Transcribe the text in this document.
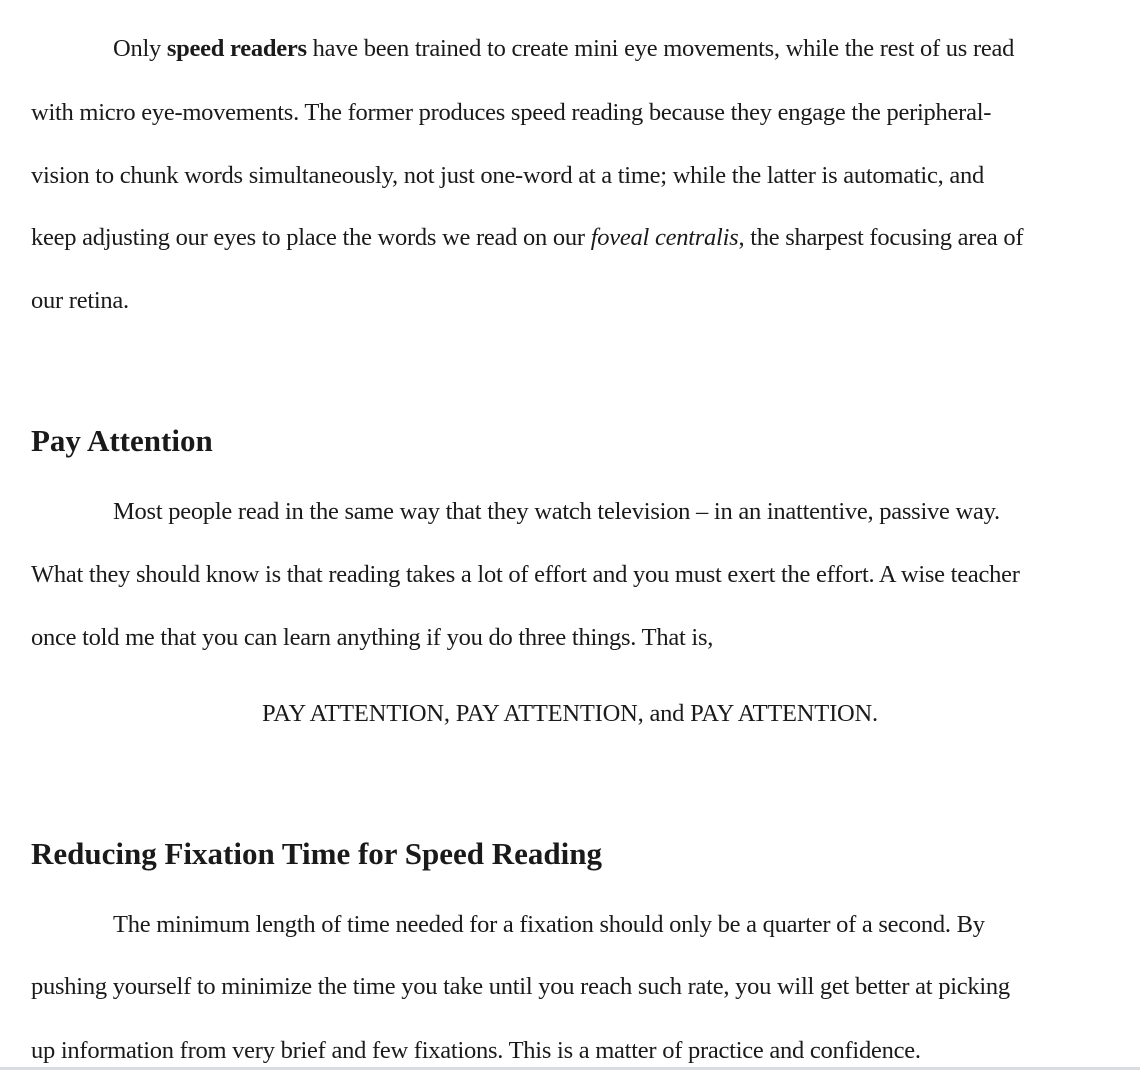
Only speed readers have been trained to create mini eye movements, while the rest of us read
with micro eye-movements. The former produces speed reading because they engage the peripheral-
vision to chunk words simultaneously, not just one-word at a time; while the latter is automatic, and
keep adjusting our eyes to place the words we read on our foveal centralis, the sharpest focusing area of
our retina.
Pay Attention
Most people read in the same way that they watch television – in an inattentive, passive way.
What they should know is that reading takes a lot of effort and you must exert the effort. A wise teacher
once told me that you can learn anything if you do three things. That is,
PAY ATTENTION, PAY ATTENTION, and PAY ATTENTION.
Reducing Fixation Time for Speed Reading
The minimum length of time needed for a fixation should only be a quarter of a second. By
pushing yourself to minimize the time you take until you reach such rate, you will get better at picking
up information from very brief and few fixations. This is a matter of practice and confidence.
